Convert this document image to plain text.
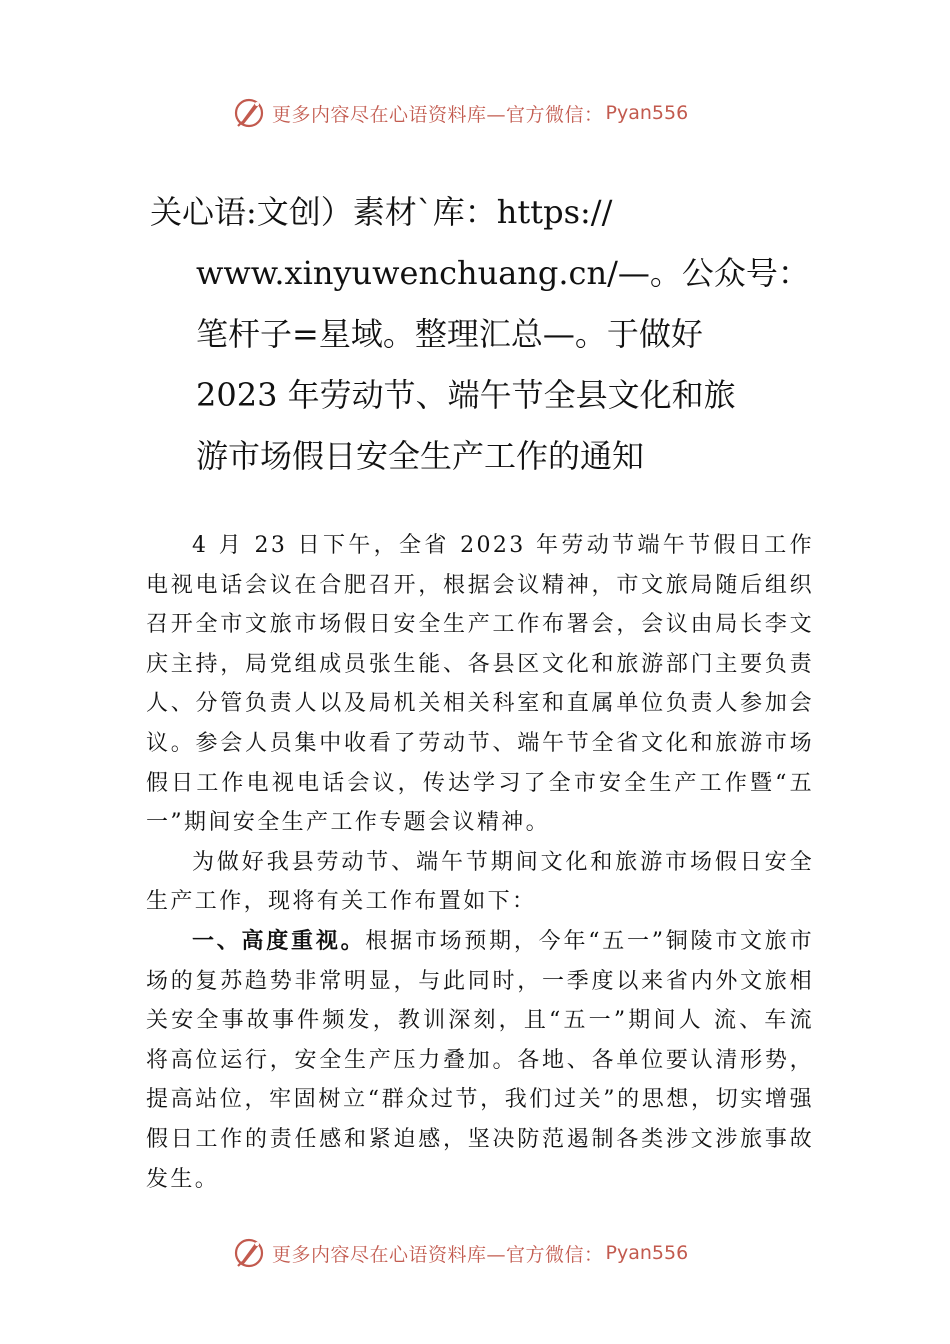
更多内容尽在心语资料库—官方微信： Pyan556
关心语:文创）素材`库：https://
www.xinyuwenchuang.cn/—。公众号：
笔杆子=星域。整理汇总—。于做好
2023 年劳动节、端午节全县文化和旅
游市场假日安全生产工作的通知

4 月 23 日下午，全省 2023 年劳动节端午节假日工作电视电话会议在合肥召开，根据会议精神，市文旅局随后组织召开全市文旅市场假日安全生产工作布署会，会议由局长李文庆主持，局党组成员张生能、各县区文化和旅游部门主要负责人、分管负责人以及局机关相关科室和直属单位负责人参加会议。参会人员集中收看了劳动节、端午节全省文化和旅游市场假日工作电视电话会议，传达学习了全市安全生产工作暨“五一”期间安全生产工作专题会议精神。

为做好我县劳动节、端午节期间文化和旅游市场假日安全生产工作，现将有关工作布置如下：

一、高度重视。根据市场预期，今年“五一”铜陵市文旅市场的复苏趋势非常明显，与此同时，一季度以来省内外文旅相关安全事故事件频发，教训深刻，且“五一”期间人 流、车流将高位运行，安全生产压力叠加。各地、各单位要认清形势，提高站位，牢固树立“群众过节，我们过关”的思想，切实增强假日工作的责任感和紧迫感，坚决防范遏制各类涉文涉旅事故发生。

更多内容尽在心语资料库—官方微信： Pyan556
